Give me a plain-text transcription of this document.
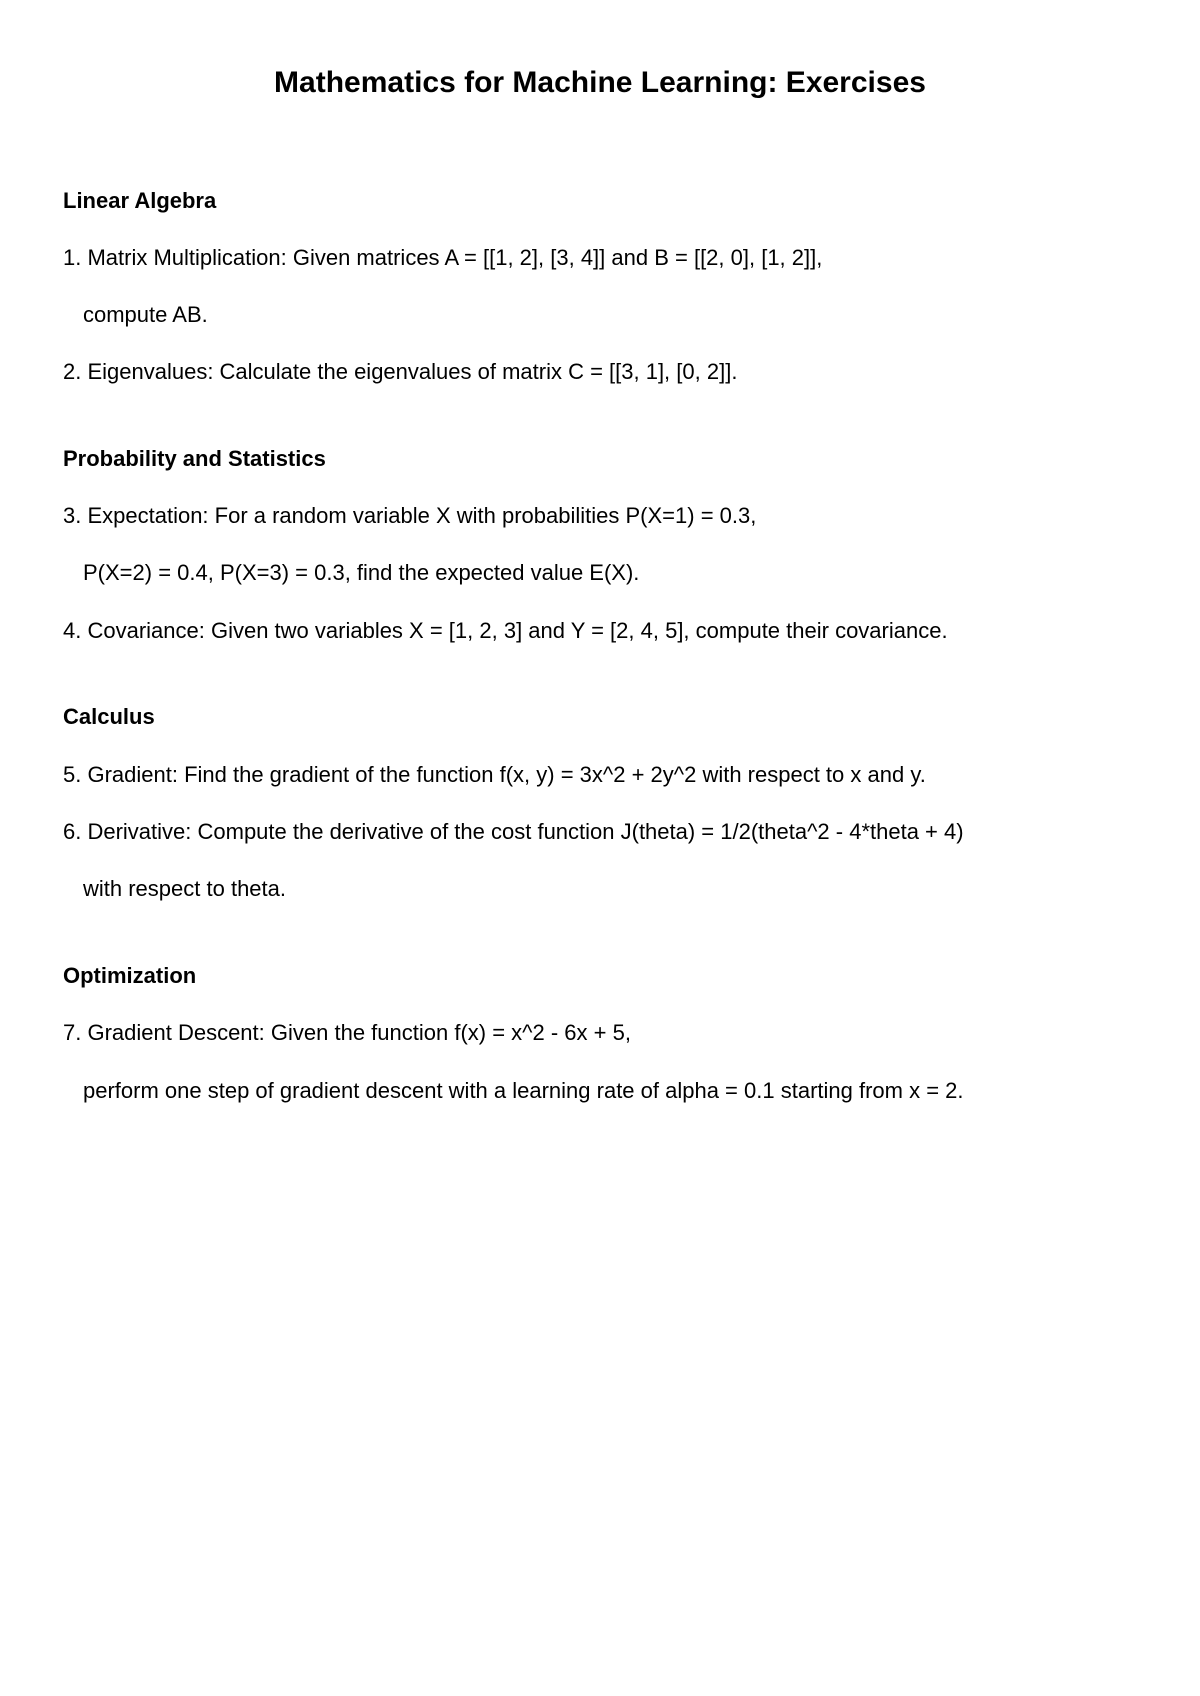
Mathematics for Machine Learning: Exercises
Linear Algebra
1. Matrix Multiplication: Given matrices A = [[1, 2], [3, 4]] and B = [[2, 0], [1, 2]],
compute AB.
2. Eigenvalues: Calculate the eigenvalues of matrix C = [[3, 1], [0, 2]].
Probability and Statistics
3. Expectation: For a random variable X with probabilities P(X=1) = 0.3,
P(X=2) = 0.4, P(X=3) = 0.3, find the expected value E(X).
4. Covariance: Given two variables X = [1, 2, 3] and Y = [2, 4, 5], compute their covariance.
Calculus
5. Gradient: Find the gradient of the function f(x, y) = 3x^2 + 2y^2 with respect to x and y.
6. Derivative: Compute the derivative of the cost function J(theta) = 1/2(theta^2 - 4*theta + 4)
with respect to theta.
Optimization
7. Gradient Descent: Given the function f(x) = x^2 - 6x + 5,
perform one step of gradient descent with a learning rate of alpha = 0.1 starting from x = 2.
